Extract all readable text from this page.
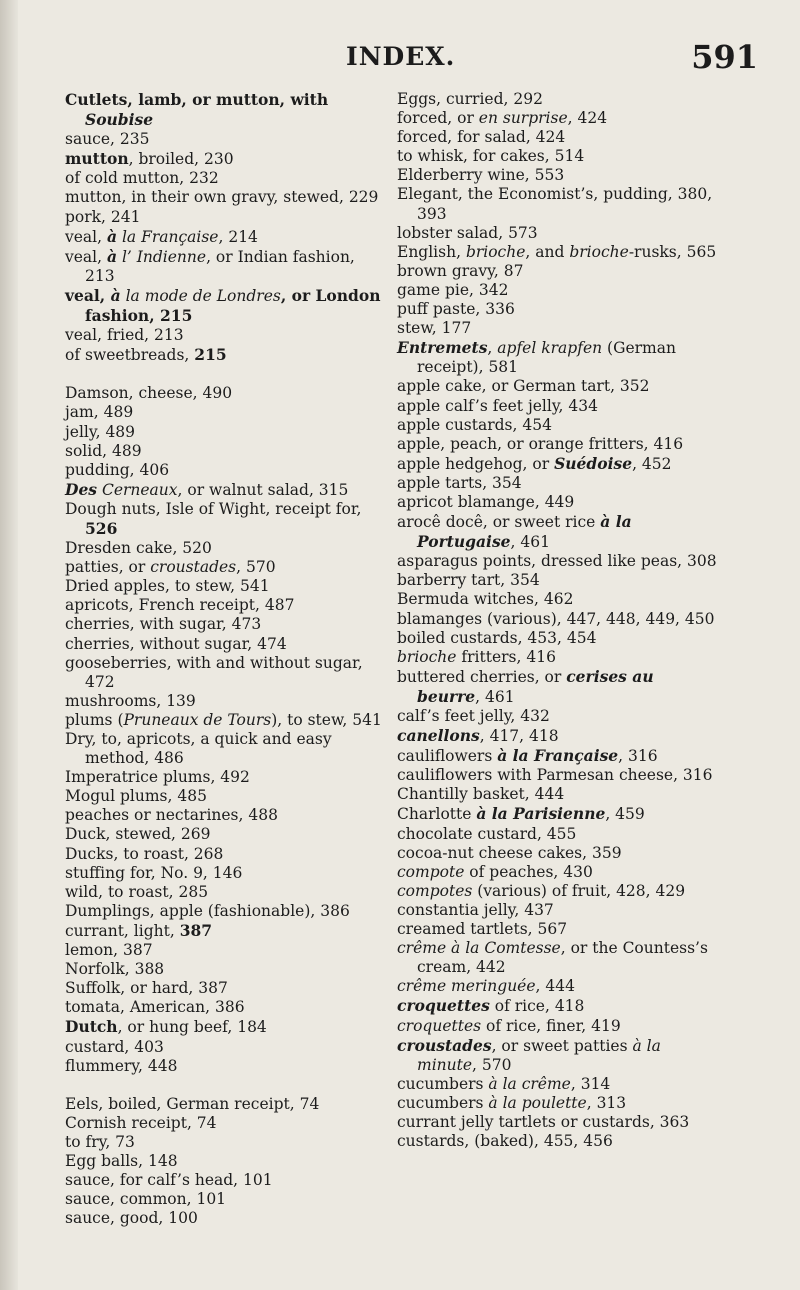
INDEX.	591
Cutlets, lamb, or mutton, with Soubise
sauce, 235
mutton, broiled, 230
of cold mutton, 232
mutton, in their own gravy, stewed, 229
pork, 241
veal, à la Française, 214
veal, à l’ Indienne, or Indian fashion, 213
veal, à la mode de Londres, or London fashion, 215
veal, fried, 213
of sweetbreads, 215
Damson, cheese, 490
jam, 489
jelly, 489
solid, 489
pudding, 406
Des Cerneaux, or walnut salad, 315
Dough nuts, Isle of Wight, receipt for, 526
Dresden cake, 520
patties, or croustades, 570
Dried apples, to stew, 541
apricots, French receipt, 487
cherries, with sugar, 473
cherries, without sugar, 474
gooseberries, with and without sugar, 472
mushrooms, 139
plums (Pruneaux de Tours), to stew, 541
Dry, to, apricots, a quick and easy method, 486
Imperatrice plums, 492
Mogul plums, 485
peaches or nectarines, 488
Duck, stewed, 269
Ducks, to roast, 268
stuffing for, No. 9, 146
wild, to roast, 285
Dumplings, apple (fashionable), 386
currant, light, 387
lemon, 387
Norfolk, 388
Suffolk, or hard, 387
tomata, American, 386
Dutch, or hung beef, 184
custard, 403
flummery, 448
Eels, boiled, German receipt, 74
Cornish receipt, 74
to fry, 73
Egg balls, 148
sauce, for calf’s head, 101
sauce, common, 101
sauce, good, 100
Eggs, curried, 292
forced, or en surprise, 424
forced, for salad, 424
to whisk, for cakes, 514
Elderberry wine, 553
Elegant, the Economist’s, pudding, 380, 393
lobster salad, 573
English, brioche, and brioche-rusks, 565
brown gravy, 87
game pie, 342
puff paste, 336
stew, 177
Entremets, apfel krapfen (German receipt), 581
apple cake, or German tart, 352
apple calf’s feet jelly, 434
apple custards, 454
apple, peach, or orange fritters, 416
apple hedgehog, or Suédoise, 452
apple tarts, 354
apricot blamange, 449
arocê docê, or sweet rice à la Portugaise, 461
asparagus points, dressed like peas, 308
barberry tart, 354
Bermuda witches, 462
blamanges (various), 447, 448, 449, 450
boiled custards, 453, 454
brioche fritters, 416
buttered cherries, or cerises au beurre, 461
calf’s feet jelly, 432
canellons, 417, 418
cauliflowers à la Française, 316
cauliflowers with Parmesan cheese, 316
Chantilly basket, 444
Charlotte à la Parisienne, 459
chocolate custard, 455
cocoa-nut cheese cakes, 359
compote of peaches, 430
compotes (various) of fruit, 428, 429
constantia jelly, 437
creamed tartlets, 567
crême à la Comtesse, or the Countess’s cream, 442
crême meringuée, 444
croquettes of rice, 418
croquettes of rice, finer, 419
croustades, or sweet patties à la minute, 570
cucumbers à la crême, 314
cucumbers à la poulette, 313
currant jelly tartlets or custards, 363
custards, (baked), 455, 456
